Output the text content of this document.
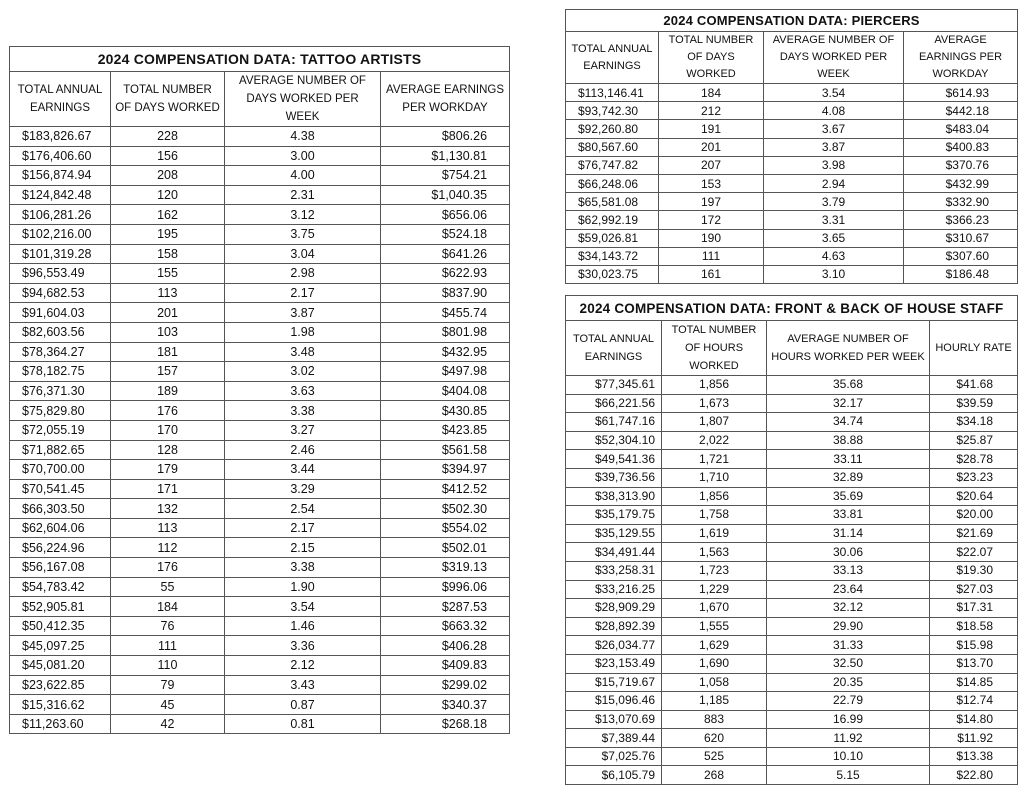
2024 COMPENSATION DATA: TATTOO ARTISTS			
TOTAL ANNUAL EARNINGS	TOTAL NUMBER OF DAYS WORKED	AVERAGE NUMBER OF DAYS WORKED PER WEEK	AVERAGE EARNINGS PER WORKDAY
$183,826.67	228	4.38	$806.26
$176,406.60	156	3.00	$1,130.81
$156,874.94	208	4.00	$754.21
$124,842.48	120	2.31	$1,040.35
$106,281.26	162	3.12	$656.06
$102,216.00	195	3.75	$524.18
$101,319.28	158	3.04	$641.26
$96,553.49	155	2.98	$622.93
$94,682.53	113	2.17	$837.90
$91,604.03	201	3.87	$455.74
$82,603.56	103	1.98	$801.98
$78,364.27	181	3.48	$432.95
$78,182.75	157	3.02	$497.98
$76,371.30	189	3.63	$404.08
$75,829.80	176	3.38	$430.85
$72,055.19	170	3.27	$423.85
$71,882.65	128	2.46	$561.58
$70,700.00	179	3.44	$394.97
$70,541.45	171	3.29	$412.52
$66,303.50	132	2.54	$502.30
$62,604.06	113	2.17	$554.02
$56,224.96	112	2.15	$502.01
$56,167.08	176	3.38	$319.13
$54,783.42	55	1.90	$996.06
$52,905.81	184	3.54	$287.53
$50,412.35	76	1.46	$663.32
$45,097.25	111	3.36	$406.28
$45,081.20	110	2.12	$409.83
$23,622.85	79	3.43	$299.02
$15,316.62	45	0.87	$340.37
$11,263.60	42	0.81	$268.18
2024 COMPENSATION DATA: PIERCERS			
TOTAL ANNUAL EARNINGS	TOTAL NUMBER OF DAYS WORKED	AVERAGE NUMBER OF DAYS WORKED PER WEEK	AVERAGE EARNINGS PER WORKDAY
$113,146.41	184	3.54	$614.93
$93,742.30	212	4.08	$442.18
$92,260.80	191	3.67	$483.04
$80,567.60	201	3.87	$400.83
$76,747.82	207	3.98	$370.76
$66,248.06	153	2.94	$432.99
$65,581.08	197	3.79	$332.90
$62,992.19	172	3.31	$366.23
$59,026.81	190	3.65	$310.67
$34,143.72	111	4.63	$307.60
$30,023.75	161	3.10	$186.48
2024 COMPENSATION DATA: FRONT & BACK OF HOUSE STAFF			
TOTAL ANNUAL EARNINGS	TOTAL NUMBER OF HOURS WORKED	AVERAGE NUMBER OF HOURS WORKED PER WEEK	HOURLY RATE
$77,345.61	1,856	35.68	$41.68
$66,221.56	1,673	32.17	$39.59
$61,747.16	1,807	34.74	$34.18
$52,304.10	2,022	38.88	$25.87
$49,541.36	1,721	33.11	$28.78
$39,736.56	1,710	32.89	$23.23
$38,313.90	1,856	35.69	$20.64
$35,179.75	1,758	33.81	$20.00
$35,129.55	1,619	31.14	$21.69
$34,491.44	1,563	30.06	$22.07
$33,258.31	1,723	33.13	$19.30
$33,216.25	1,229	23.64	$27.03
$28,909.29	1,670	32.12	$17.31
$28,892.39	1,555	29.90	$18.58
$26,034.77	1,629	31.33	$15.98
$23,153.49	1,690	32.50	$13.70
$15,719.67	1,058	20.35	$14.85
$15,096.46	1,185	22.79	$12.74
$13,070.69	883	16.99	$14.80
$7,389.44	620	11.92	$11.92
$7,025.76	525	10.10	$13.38
$6,105.79	268	5.15	$22.80
